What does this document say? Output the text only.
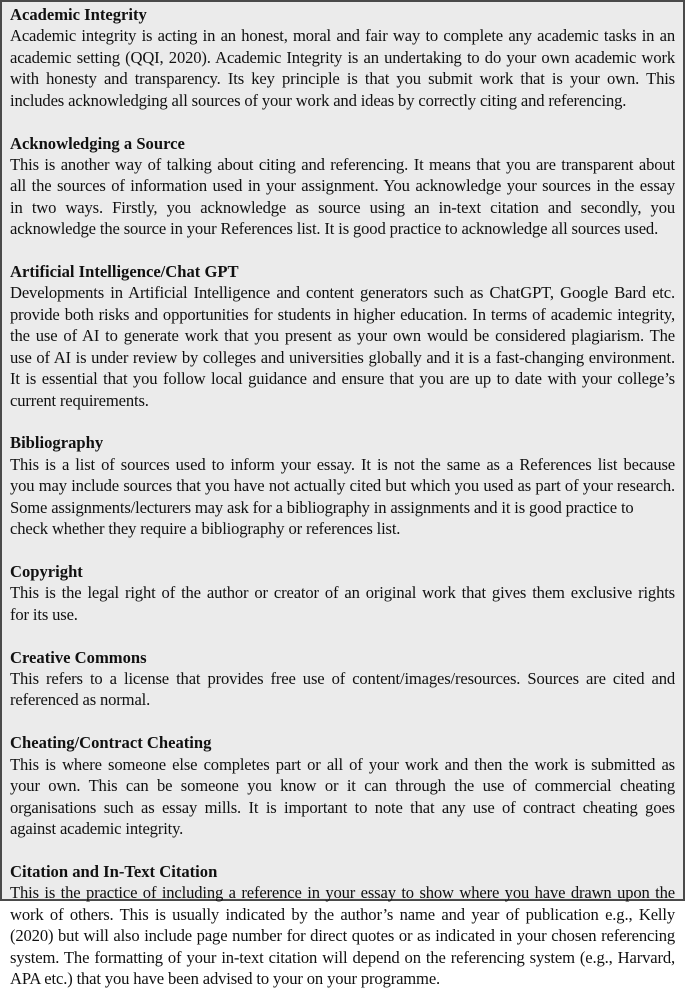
Academic Integrity

Academic integrity is acting in an honest, moral and fair way to complete any academic tasks in an
academic setting (QQI, 2020). Academic Integrity is an undertaking to do your own academic work
with honesty and transparency. Its key principle is that you submit work that is your own. This
includes acknowledging all sources of your work and ideas by correctly citing and referencing.

Acknowledging a Source

This is another way of talking about citing and referencing. It means that you are transparent about
all the sources of information used in your assignment. You acknowledge your sources in the essay
in two ways. Firstly, you acknowledge as source using an in-text citation and secondly, you
acknowledge the source in your References list. It is good practice to acknowledge all sources used.

Artificial Intelligence/Chat GPT

Developments in Artificial Intelligence and content generators such as ChatGPT, Google Bard etc.
provide both risks and opportunities for students in higher education. In terms of academic integrity,
the use of AI to generate work that you present as your own would be considered plagiarism. The
use of AI is under review by colleges and universities globally and it is a fast-changing environment.
It is essential that you follow local guidance and ensure that you are up to date with your college’s
current requirements.

Bibliography

This is a list of sources used to inform your essay. It is not the same as a References list because
you may include sources that you have not actually cited but which you used as part of your research.
Some assignments/lecturers may ask for a bibliography in assignments and it is good practice to
check whether they require a bibliography or references list.

Copyright

This is the legal right of the author or creator of an original work that gives them exclusive rights
for its use.

Creative Commons

This refers to a license that provides free use of content/images/resources. Sources are cited and
referenced as normal.

Cheating/Contract Cheating

This is where someone else completes part or all of your work and then the work is submitted as
your own. This can be someone you know or it can through the use of commercial cheating
organisations such as essay mills. It is important to note that any use of contract cheating goes
against academic integrity.

Citation and In-Text Citation

This is the practice of including a reference in your essay to show where you have drawn upon the
work of others. This is usually indicated by the author’s name and year of publication e.g., Kelly
(2020) but will also include page number for direct quotes or as indicated in your chosen referencing
system. The formatting of your in-text citation will depend on the referencing system (e.g., Harvard,
APA etc.) that you have been advised to your on your programme.
